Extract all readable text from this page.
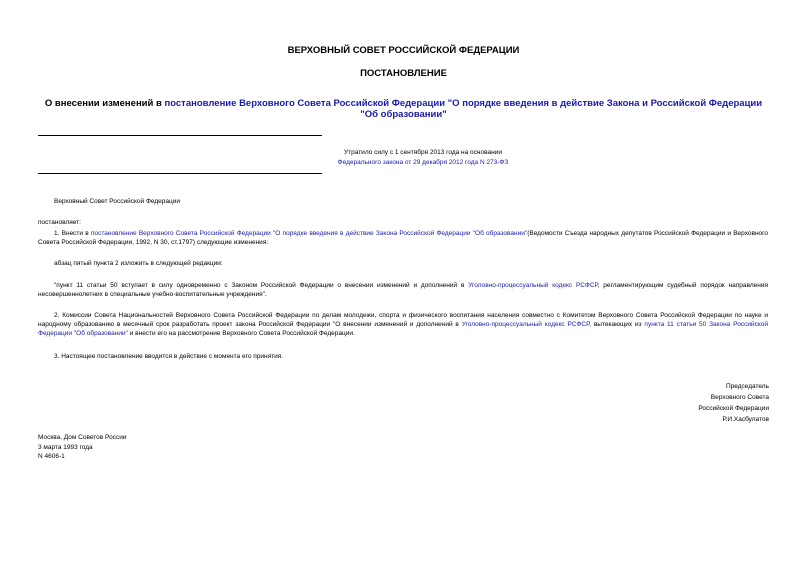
ВЕРХОВНЫЙ СОВЕТ РОССИЙСКОЙ ФЕДЕРАЦИИ
ПОСТАНОВЛЕНИЕ
О внесении изменений в постановление Верховного Совета Российской Федерации "О порядке введения в действие Закона и Российской Федерации "Об образовании"
Утратило силу с 1 сентября 2013 года на основании
Федерального закона от 29 декабря 2012 года N 273-ФЗ
Верховный Совет Российской Федерации
постановляет:
1. Внести в постановление Верховного Совета Российской Федерации "О порядке введения в действие Закона Российской Федерации "Об образовании"(Ведомости Съезда народных депутатов Российской Федерации и Верховного Совета Российской Федерации, 1992, N 30, ст.1797) следующие изменения:
абзац пятый пункта 2 изложить в следующей редакции:
"пункт 11 статьи 50 вступает в силу одновременно с Законом Российской Федерации о внесении изменений и дополнений в Уголовно-процессуальный кодекс РСФСР, регламентирующим судебный порядок направления несовершеннолетних в специальные учебно-воспитательные учреждения".
2. Комиссии Совета Национальностей Верховного Совета Российской Федерации по делам молодежи, спорта и физического воспитания населения совместно с Комитетом Верховного Совета Российской Федерации по науке и народному образованию в месячный срок разработать проект закона Российской Федерации "О внесении изменений и дополнений в Уголовно-процессуальный кодекс РСФСР, вытекающих из пункта 11 статьи 50 Закона Российской Федерации "Об образовании" и внести его на рассмотрение Верховного Совета Российской Федерации.
3. Настоящее постановление вводится в действие с момента его принятия.
Председатель
Верховного Совета
Российской Федерации
Р.И.Хасбулатов
Москва, Дом Советов России
3 марта 1993 года
N 4606-1
